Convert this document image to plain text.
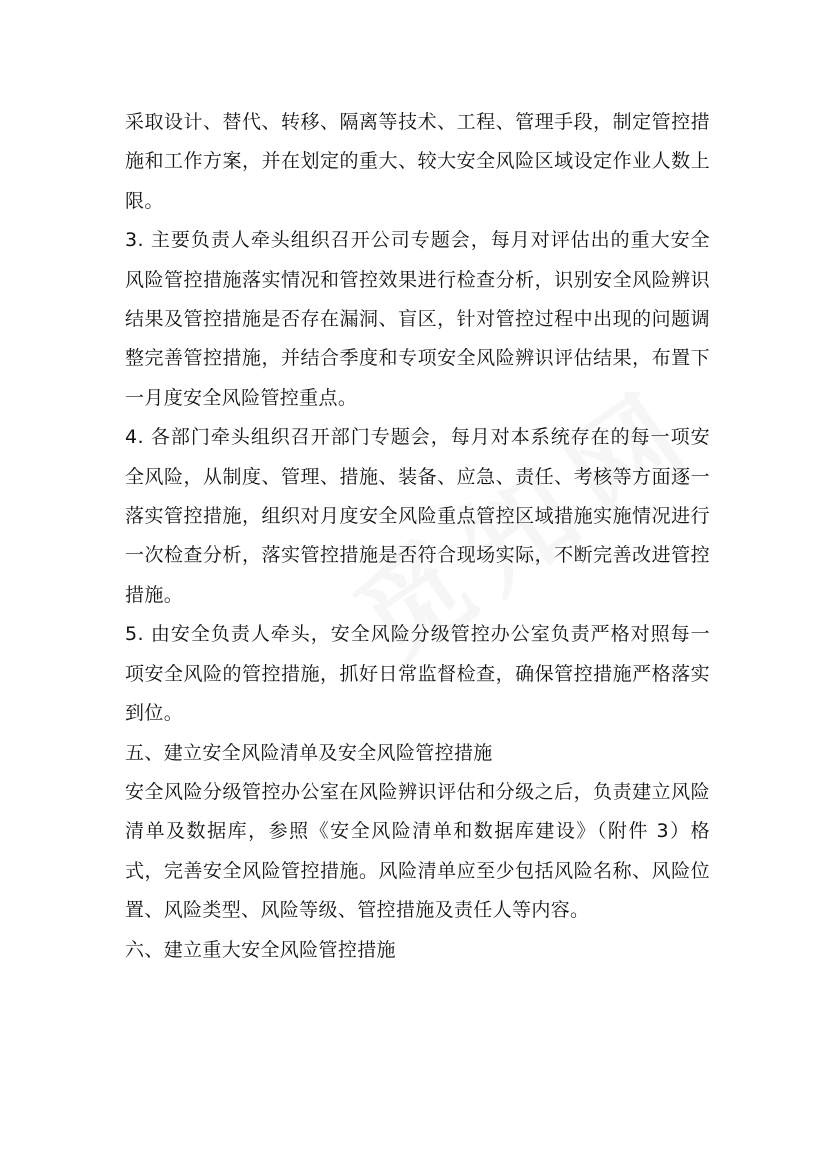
采取设计、替代、转移、隔离等技术、工程、管理手段，制定管控措施和工作方案，并在划定的重大、较大安全风险区域设定作业人数上限。

3. 主要负责人牵头组织召开公司专题会，每月对评估出的重大安全风险管控措施落实情况和管控效果进行检查分析，识别安全风险辨识结果及管控措施是否存在漏洞、盲区，针对管控过程中出现的问题调整完善管控措施，并结合季度和专项安全风险辨识评估结果，布置下一月度安全风险管控重点。

4. 各部门牵头组织召开部门专题会，每月对本系统存在的每一项安全风险，从制度、管理、措施、装备、应急、责任、考核等方面逐一落实管控措施，组织对月度安全风险重点管控区域措施实施情况进行一次检查分析，落实管控措施是否符合现场实际，不断完善改进管控措施。

5. 由安全负责人牵头，安全风险分级管控办公室负责严格对照每一项安全风险的管控措施，抓好日常监督检查，确保管控措施严格落实到位。

五、建立安全风险清单及安全风险管控措施

安全风险分级管控办公室在风险辨识评估和分级之后，负责建立风险清单及数据库，参照《安全风险清单和数据库建设》（附件 3）格式，完善安全风险管控措施。风险清单应至少包括风险名称、风险位置、风险类型、风险等级、管控措施及责任人等内容。

六、建立重大安全风险管控措施
